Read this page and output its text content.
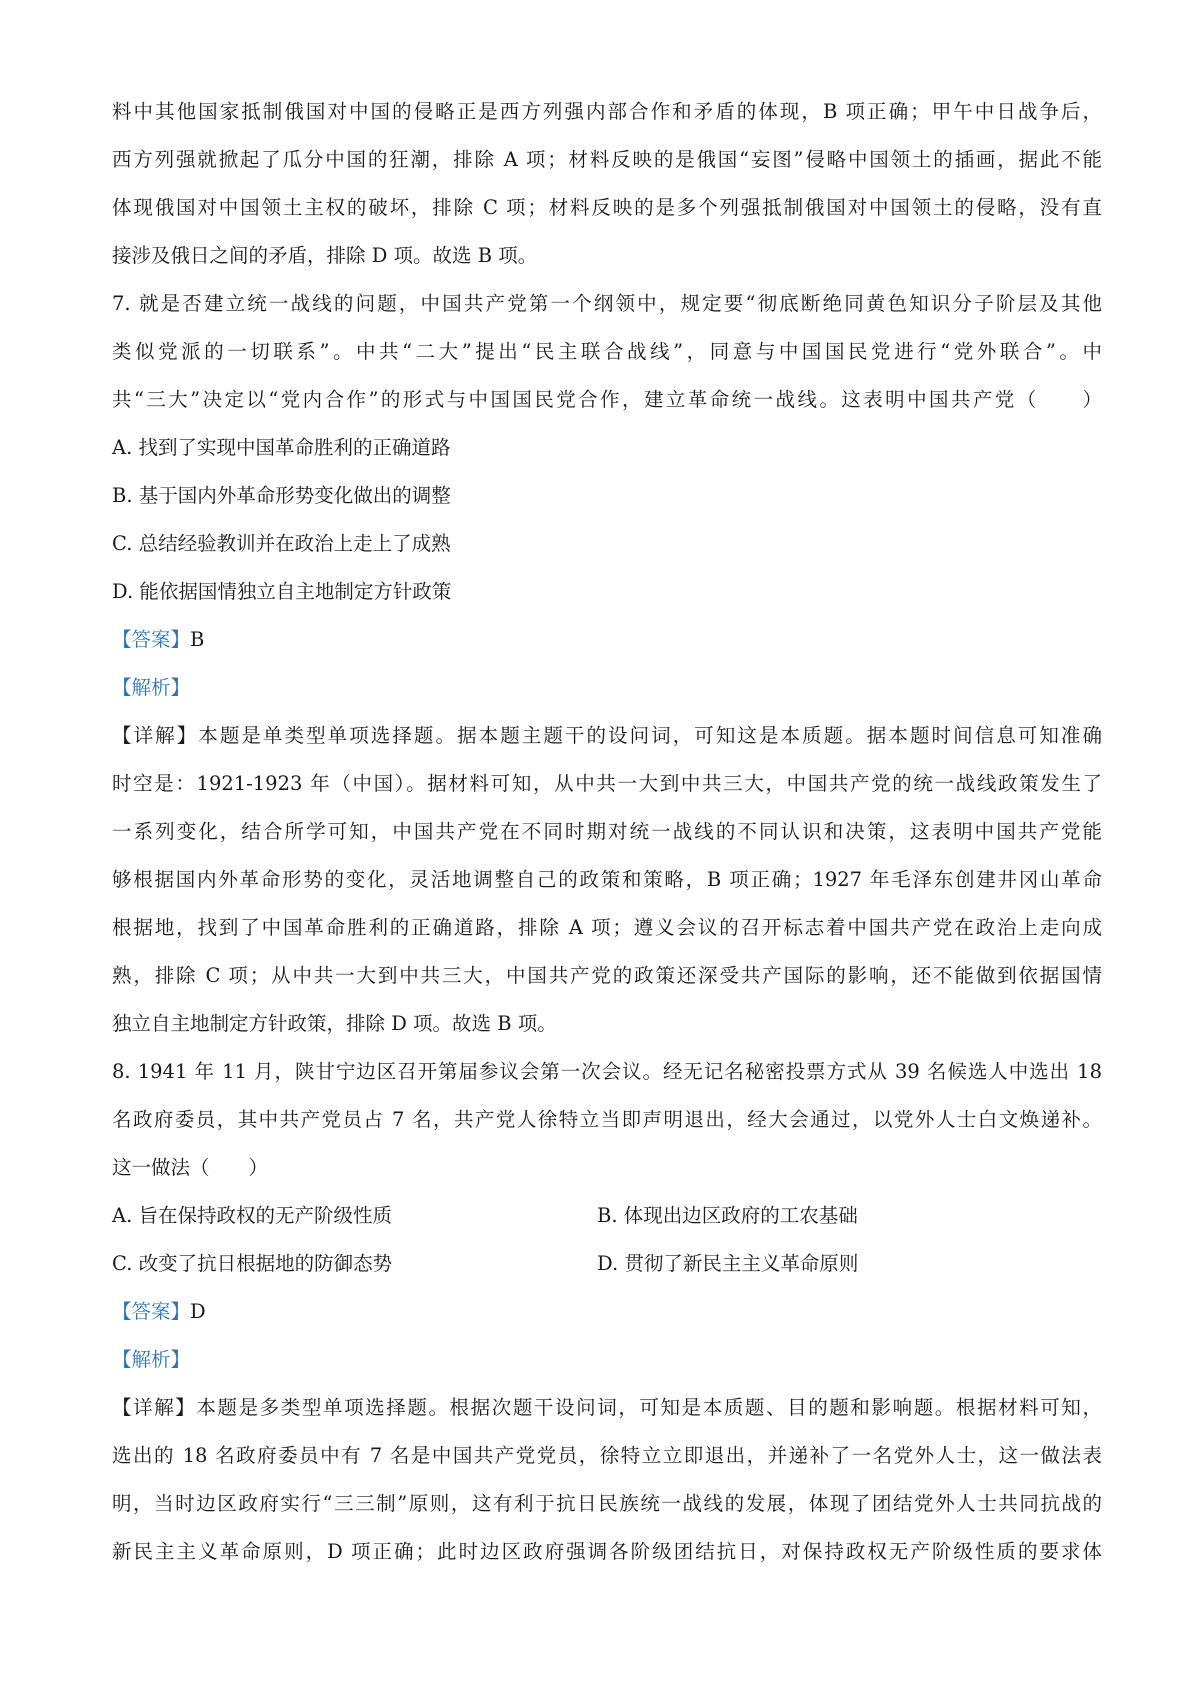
料中其他国家抵制俄国对中国的侵略正是西方列强内部合作和矛盾的体现，B 项正确；甲午中日战争后，

西方列强就掀起了瓜分中国的狂潮，排除 A 项；材料反映的是俄国“妄图”侵略中国领土的插画，据此不能

体现俄国对中国领土主权的破坏，排除 C 项；材料反映的是多个列强抵制俄国对中国领土的侵略，没有直

接涉及俄日之间的矛盾，排除 D 项。故选 B 项。

7. 就是否建立统一战线的问题，中国共产党第一个纲领中，规定要“彻底断绝同黄色知识分子阶层及其他

类似党派的一切联系”。中共“二大”提出“民主联合战线”，同意与中国国民党进行“党外联合”。中

共“三大”决定以“党内合作”的形式与中国国民党合作，建立革命统一战线。这表明中国共产党（　　）

A. 找到了实现中国革命胜利的正确道路

B. 基于国内外革命形势变化做出的调整

C. 总结经验教训并在政治上走上了成熟

D. 能依据国情独立自主地制定方针政策

【答案】B

【解析】

【详解】本题是单类型单项选择题。据本题主题干的设问词，可知这是本质题。据本题时间信息可知准确

时空是：1921-1923 年（中国）。据材料可知，从中共一大到中共三大，中国共产党的统一战线政策发生了

一系列变化，结合所学可知，中国共产党在不同时期对统一战线的不同认识和决策，这表明中国共产党能

够根据国内外革命形势的变化，灵活地调整自己的政策和策略，B 项正确；1927 年毛泽东创建井冈山革命

根据地，找到了中国革命胜利的正确道路，排除 A 项；遵义会议的召开标志着中国共产党在政治上走向成

熟，排除 C 项；从中共一大到中共三大，中国共产党的政策还深受共产国际的影响，还不能做到依据国情

独立自主地制定方针政策，排除 D 项。故选 B 项。

8. 1941 年 11 月，陕甘宁边区召开第届参议会第一次会议。经无记名秘密投票方式从 39 名候选人中选出 18

名政府委员，其中共产党员占 7 名，共产党人徐特立当即声明退出，经大会通过，以党外人士白文焕递补。

这一做法（　　）

A. 旨在保持政权的无产阶级性质	B. 体现出边区政府的工农基础
C. 改变了抗日根据地的防御态势	D. 贯彻了新民主主义革命原则

【答案】D

【解析】

【详解】本题是多类型单项选择题。根据次题干设问词，可知是本质题、目的题和影响题。根据材料可知，

选出的 18 名政府委员中有 7 名是中国共产党党员，徐特立立即退出，并递补了一名党外人士，这一做法表

明，当时边区政府实行“三三制”原则，这有利于抗日民族统一战线的发展，体现了团结党外人士共同抗战的

新民主主义革命原则，D 项正确；此时边区政府强调各阶级团结抗日，对保持政权无产阶级性质的要求体
